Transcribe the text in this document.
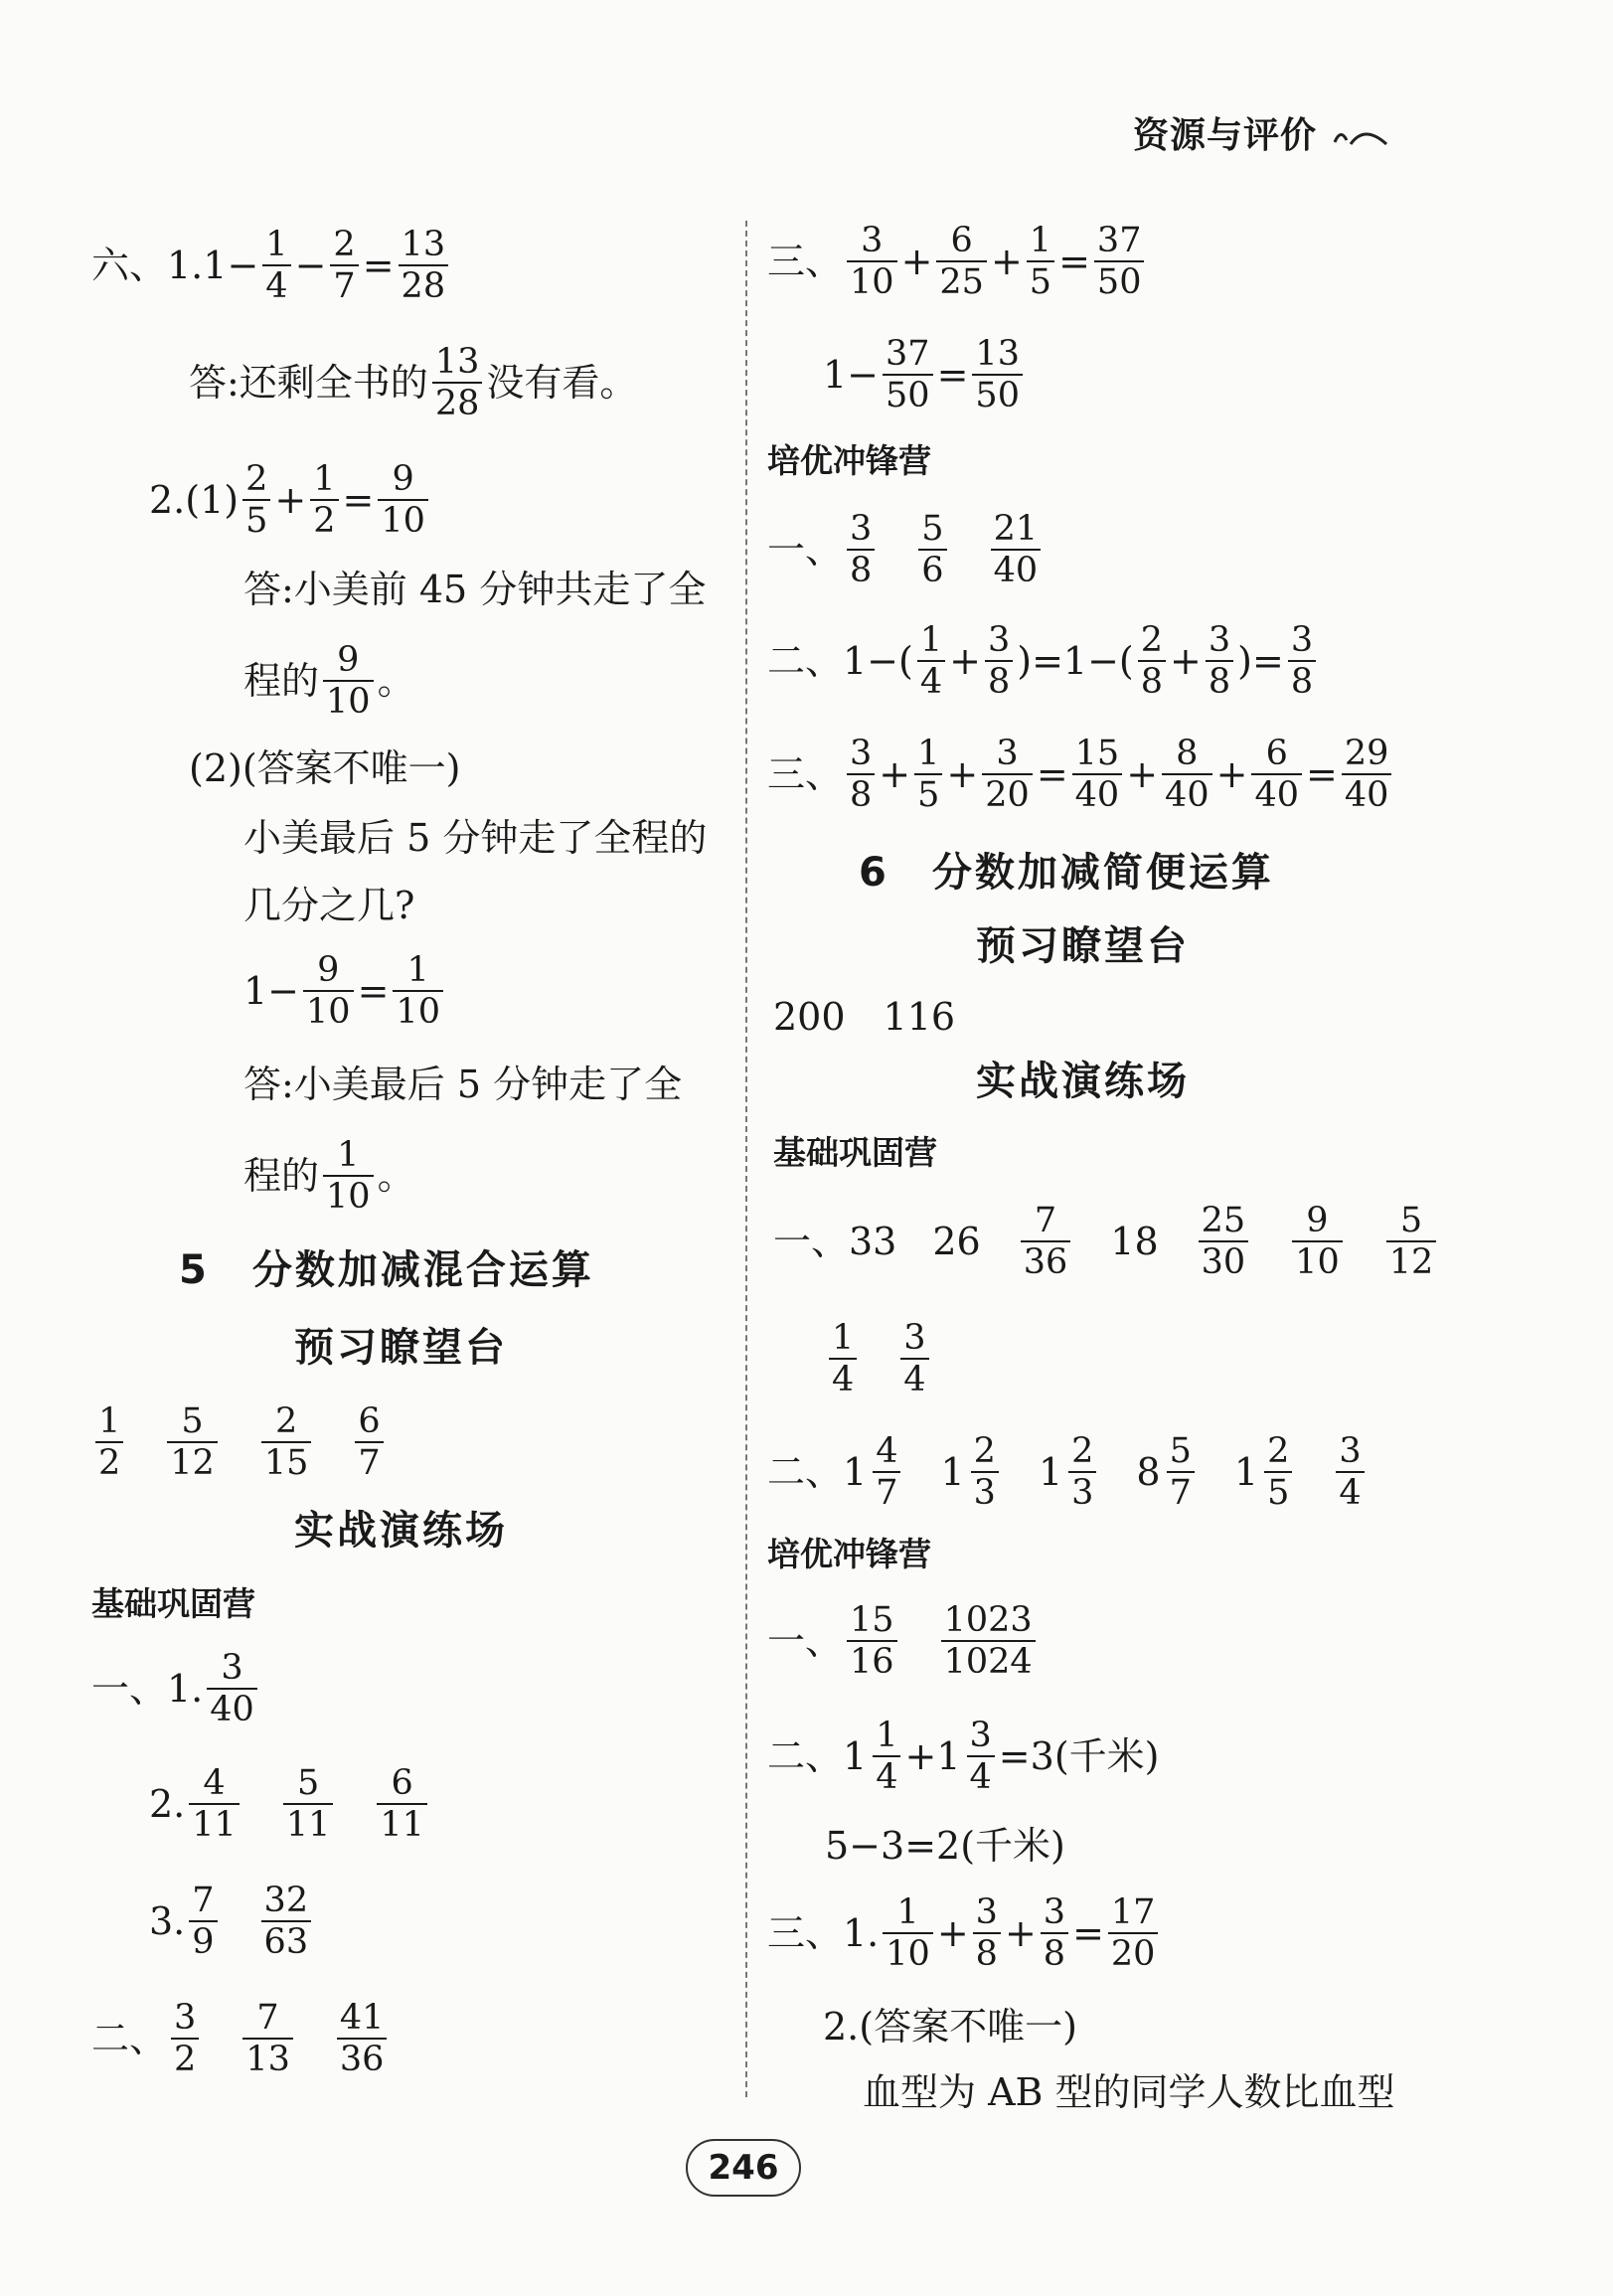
资源与评价
六、1. $1 - \frac{1}{4} - \frac{2}{7} = \frac{13}{28}$
答:还剩全书的 $\frac{13}{28}$ 没有看。
$2.(1) \frac{2}{5} + \frac{1}{2} = \frac{9}{10}$
答:小美前 45 分钟共走了全
程的 $\frac{9}{10}$ 。
(2)(答案不唯一)
小美最后 5 分钟走了全程的
几分之几?
$1- \frac{9}{10} = \frac{1}{10}$
答:小美最后 5 分钟走了全
程的 $\frac{1}{10}$ 。
5　分数加减混合运算
预习瞭望台
$\frac{1}{2} \frac{5}{12} \frac{2}{15} \frac{6}{7}$
实战演练场
基础巩固营
一、1. $\frac{3}{40}$
2. $\frac{4}{11} \frac{5}{11} \frac{6}{11}$
3. $\frac{7}{9} \frac{32}{63}$
二、 $\frac{3}{2} \frac{7}{13} \frac{41}{36}$
三、 $\frac{3}{10} + \frac{6}{25} + \frac{1}{5} = \frac{37}{50}$
$1- \frac{37}{50} = \frac{13}{50}$
培优冲锋营
一、 $\frac{3}{8} \frac{5}{6} \frac{21}{40}$
二、$1-( \frac{1}{4} + \frac{3}{8} )=1-( \frac{2}{8} + \frac{3}{8}$ )= $\frac{3}{8}$
三、 $\frac{3}{8} + \frac{1}{5} + \frac{3}{20} = \frac{15}{40} + \frac{8}{40} + \frac{6}{40} = \frac{29}{40}$
6　分数加减简便运算
预习瞭望台
200　116
实战演练场
基础巩固营
一、33 $26 \frac{7}{36} 18 \frac{25}{30} \frac{9}{10} \frac{5}{12}$
$\frac{1}{4} \frac{3}{4}$
二、 $1 \frac{4}{7} 1 \frac{2}{3} 1 \frac{2}{3} 8 \frac{5}{7} 1 \frac{2}{5} \frac{3}{4}$
培优冲锋营
一、 $\frac{15}{16} \frac{1023}{1024}$
二、 $1 \frac{1}{4} + 1 \frac{3}{4} =3$(千米)
5−3=2(千米)
三、1. $\frac{1}{10} + \frac{3}{8} + \frac{3}{8} = \frac{17}{20}$
2.(答案不唯一)
血型为 AB 型的同学人数比血型
246
